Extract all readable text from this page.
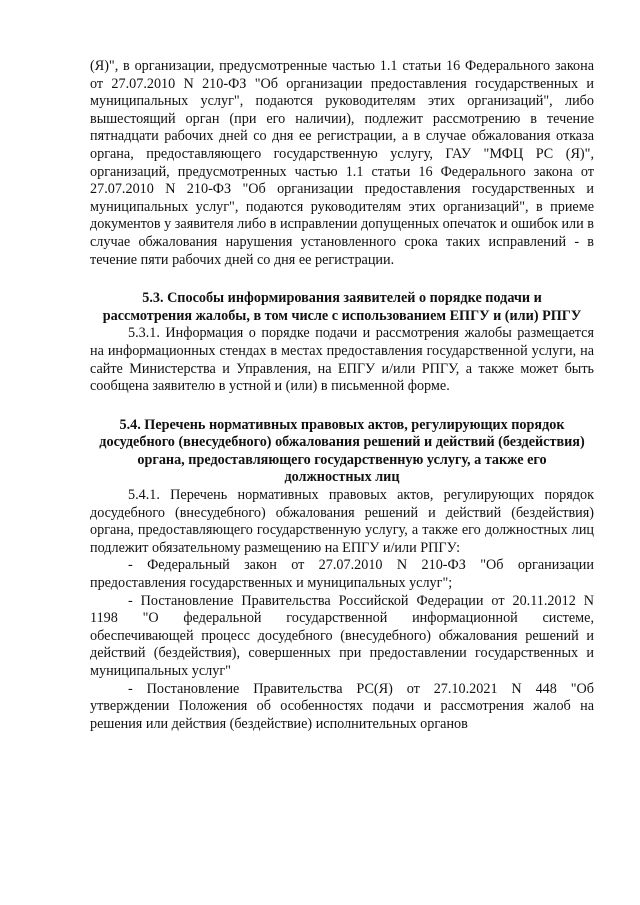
(Я)", в организации, предусмотренные частью 1.1 статьи 16 Федерального закона от 27.07.2010 N 210-ФЗ "Об организации предоставления государственных и муниципальных услуг", подаются руководителям этих организаций", либо вышестоящий орган (при его наличии), подлежит рассмотрению в течение пятнадцати рабочих дней со дня ее регистрации, а в случае обжалования отказа органа, предоставляющего государственную услугу, ГАУ "МФЦ РС (Я)", организаций, предусмотренных частью 1.1 статьи 16 Федерального закона от 27.07.2010 N 210-ФЗ "Об организации предоставления государственных и муниципальных услуг", подаются руководителям этих организаций", в приеме документов у заявителя либо в исправлении допущенных опечаток и ошибок или в случае обжалования нарушения установленного срока таких исправлений - в течение пяти рабочих дней со дня ее регистрации.

5.3. Способы информирования заявителей о порядке подачи и рассмотрения жалобы, в том числе с использованием ЕПГУ и (или) РПГУ

5.3.1. Информация о порядке подачи и рассмотрения жалобы размещается на информационных стендах в местах предоставления государственной услуги, на сайте Министерства и Управления, на ЕПГУ и/или РПГУ, а также может быть сообщена заявителю в устной и (или) в письменной форме.

5.4. Перечень нормативных правовых актов, регулирующих порядок досудебного (внесудебного) обжалования решений и действий (бездействия) органа, предоставляющего государственную услугу, а также его должностных лиц

5.4.1. Перечень нормативных правовых актов, регулирующих порядок досудебного (внесудебного) обжалования решений и действий (бездействия) органа, предоставляющего государственную услугу, а также его должностных лиц подлежит обязательному размещению на ЕПГУ и/или РПГУ:

- Федеральный закон от 27.07.2010 N 210-ФЗ "Об организации предоставления государственных и муниципальных услуг";

- Постановление Правительства Российской Федерации от 20.11.2012 N 1198 "О федеральной государственной информационной системе, обеспечивающей процесс досудебного (внесудебного) обжалования решений и действий (бездействия), совершенных при предоставлении государственных и муниципальных услуг"

- Постановление Правительства РС(Я) от 27.10.2021 N 448 "Об утверждении Положения об особенностях подачи и рассмотрения жалоб на решения или действия (бездействие) исполнительных органов
